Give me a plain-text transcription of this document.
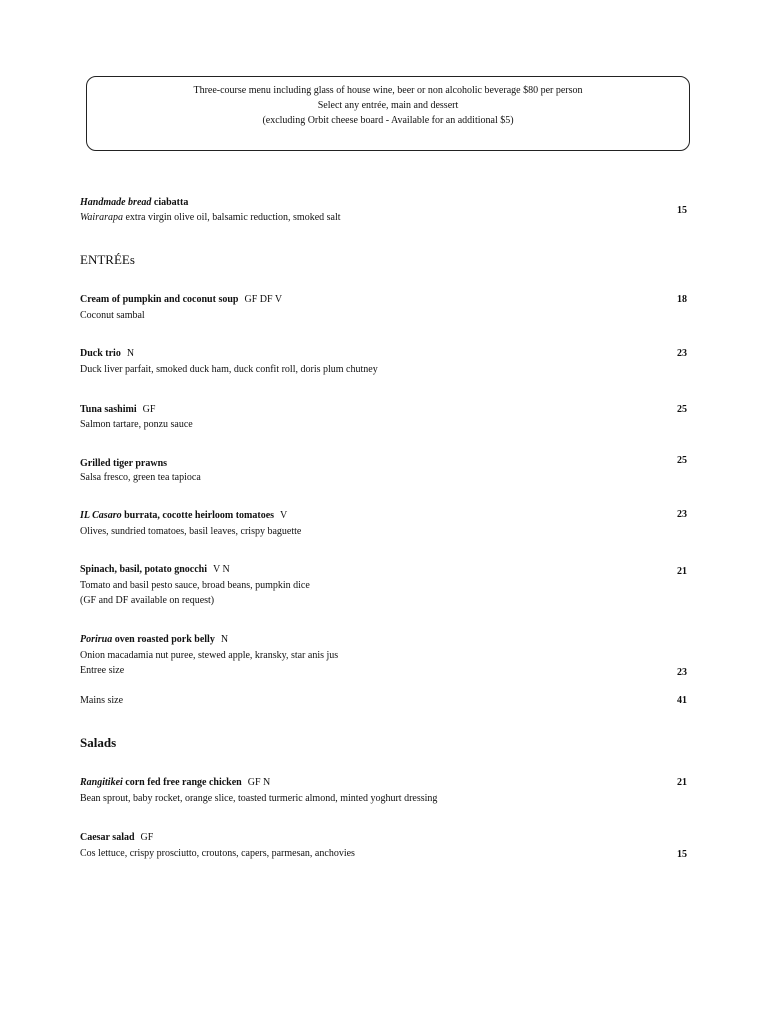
Three-course menu including glass of house wine, beer or non alcoholic beverage $80 per person
Select any entrée, main and dessert
(excluding Orbit cheese board - Available for an additional $5)
Handmade bread ciabatta
Wairarapa extra virgin olive oil, balsamic reduction, smoked salt
15
ENTRÉEs
Cream of pumpkin and coconut soup GF DF V
Coconut sambal
18
Duck trio N
Duck liver parfait, smoked duck ham, duck confit roll, doris plum chutney
23
Tuna sashimi GF
Salmon tartare, ponzu sauce
25
Grilled tiger prawns
Salsa fresco, green tea tapioca
25
IL Casaro burrata, cocotte heirloom tomatoes V
Olives, sundried tomatoes, basil leaves, crispy baguette
23
Spinach, basil, potato gnocchi V N
Tomato and basil pesto sauce, broad beans, pumpkin dice
(GF and DF available on request)
21
Porirua oven roasted pork belly N
Onion macadamia nut puree, stewed apple, kransky, star anis jus
Entree size	23
Mains size	41
Salads
Rangitikei corn fed free range chicken GF N
Bean sprout, baby rocket, orange slice, toasted turmeric almond, minted yoghurt dressing
21
Caesar salad GF
Cos lettuce, crispy prosciutto, croutons, capers, parmesan, anchovies	15
